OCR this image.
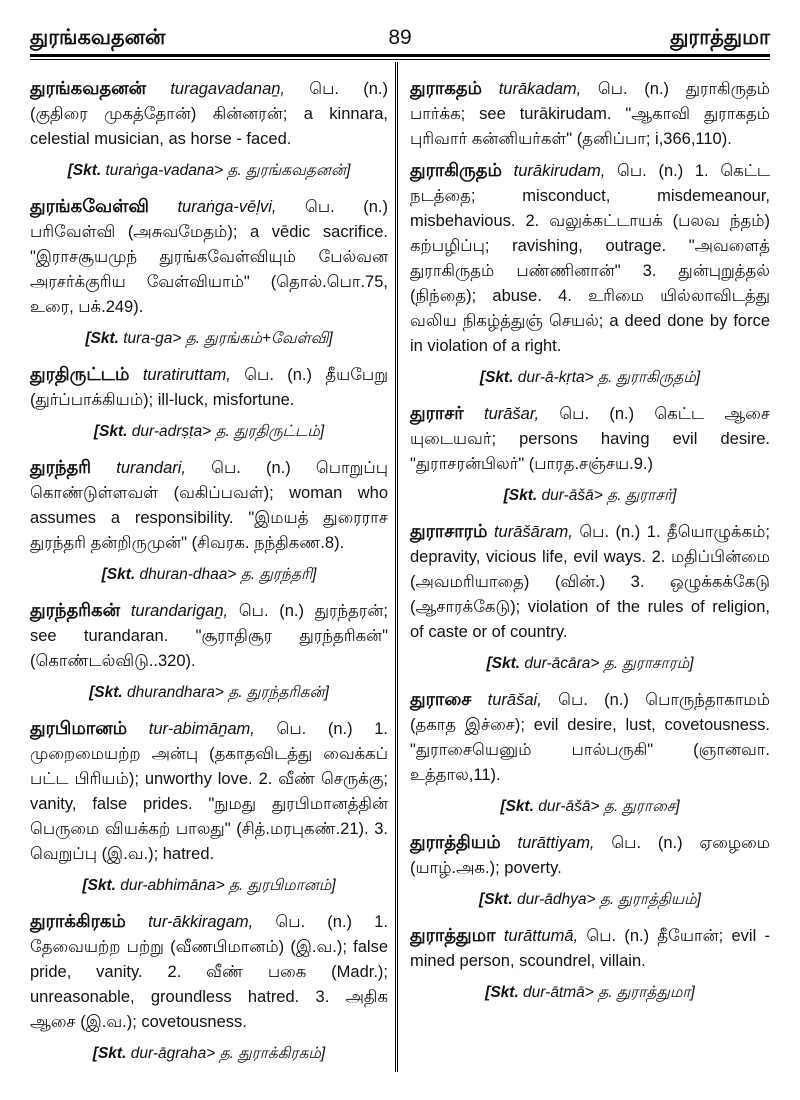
துரங்கவதனன்	89	துராத்துமா
துரங்கவதனன் turagavadanaṉ, பெ. (n.) (குதிரை முகத்தோன்) கின்னரன்; a kinnara, celestial musician, as horse - faced.
[Skt. turaṅga-vadana> த. துரங்கவதனன்]
துரங்கவேள்வி turaṅga-vēḷvi, பெ. (n.) பரிவேள்வி (அசுவமேதம்); a vēdic sacrifice. "இராசசூயமுந் துரங்கவேள்வியும் பேல்வன அரசர்க்குரிய வேள்வியாம்" (தொல்.பொ.75, உரை, பக்.249).
[Skt. tura-ga> த. துரங்கம்+வேள்வி]
துரதிருட்டம் turatiruttam, பெ. (n.) தீயபேறு (துர்ப்பாக்கியம்); ill-luck, misfortune.
[Skt. dur-adrṣṭa> த. துரதிருட்டம்]
துரந்தரி turandari, பெ. (n.) பொறுப்பு கொண்டுள்ளவள் (வகிப்பவள்); woman who assumes a responsibility. "இமயத் துரைராச துரந்தரி தன்றிருமுன்" (சிவரக. நந்திகண.8).
[Skt. dhuran-dhaa> த. துரந்தரி]
துரந்தரிகன் turandarigaṉ, பெ. (n.) துரந்தரன்; see turandaran. "சூராதிசூர துரந்தரிகன்" (கொண்டல்விடு..320).
[Skt. dhurandhara> த. துரந்தரிகன்]
துரபிமானம் tur-abimāṉam, பெ. (n.) 1. முறைமையற்ற அன்பு (தகாதவிடத்து வைக்கப் பட்ட பிரியம்); unworthy love. 2. வீண் செருக்கு; vanity, false prides. "நுமது துரபிமானத்தின் பெருமை வியக்கற் பாலது" (சித்.மரபுகண்.21). 3. வெறுப்பு (இ.வ.); hatred.
[Skt. dur-abhimāna> த. துரபிமானம்]
துராக்கிரகம் tur-ākkiragam, பெ. (n.) 1. தேவையற்ற பற்று (வீணபிமானம்) (இ.வ.); false pride, vanity. 2. வீண் பகை (Madr.); unreasonable, groundless hatred. 3. அதிக ஆசை (இ.வ.); covetousness.
[Skt. dur-āgraha> த. துராக்கிரகம்]
துராகதம் turākadam, பெ. (n.) துராகிருதம் பார்க்க; see turākirudam. "ஆகாவி துராகதம் புரிவார் கன்னியர்கள்" (தனிப்பா; i,366,110).
துராகிருதம் turākirudam, பெ. (n.) 1. கெட்ட நடத்தை; misconduct, misdemeanour, misbehavious. 2. வலுக்கட்டாயக் (பலவ ந்தம்) கற்பழிப்பு; ravishing, outrage. "அவளைத் துராகிருதம் பண்ணினான்" 3. துன்புறுத்தல் (நிந்தை); abuse. 4. உரிமை யில்லாவிடத்து வலிய நிகழ்த்துஞ் செயல்; a deed done by force in violation of a right.
[Skt. dur-ā-kṛta> த. துராகிருதம்]
துராசர் turāšar, பெ. (n.) கெட்ட ஆசை யுடையவர்; persons having evil desire. "துராசரன்பிலர்" (பாரத.சஞ்சய.9.)
[Skt. dur-āšā> த. துராசர்]
துராசாரம் turāšāram, பெ. (n.) 1. தீயொழுக்கம்; depravity, vicious life, evil ways. 2. மதிப்பின்மை (அவமரியாதை) (வின்.) 3. ஒழுக்கக்கேடு (ஆசாரக்கேடு); violation of the rules of religion, of caste or of country.
[Skt. dur-ācāra> த. துராசாரம்]
துராசை turāšai, பெ. (n.) பொருந்தாகாமம் (தகாத இச்சை); evil desire, lust, covetousness. "துராசையெனும் பால்பருகி" (ஞானவா. உத்தால,11).
[Skt. dur-āšā> த. துராசை]
துராத்தியம் turāttiyam, பெ. (n.) ஏழைமை (யாழ்.அக.); poverty.
[Skt. dur-ādhya> த. துராத்தியம்]
துராத்துமா turāttumā, பெ. (n.) தீயோன்; evil - mined person, scoundrel, villain.
[Skt. dur-ātmā> த. துராத்துமா]
